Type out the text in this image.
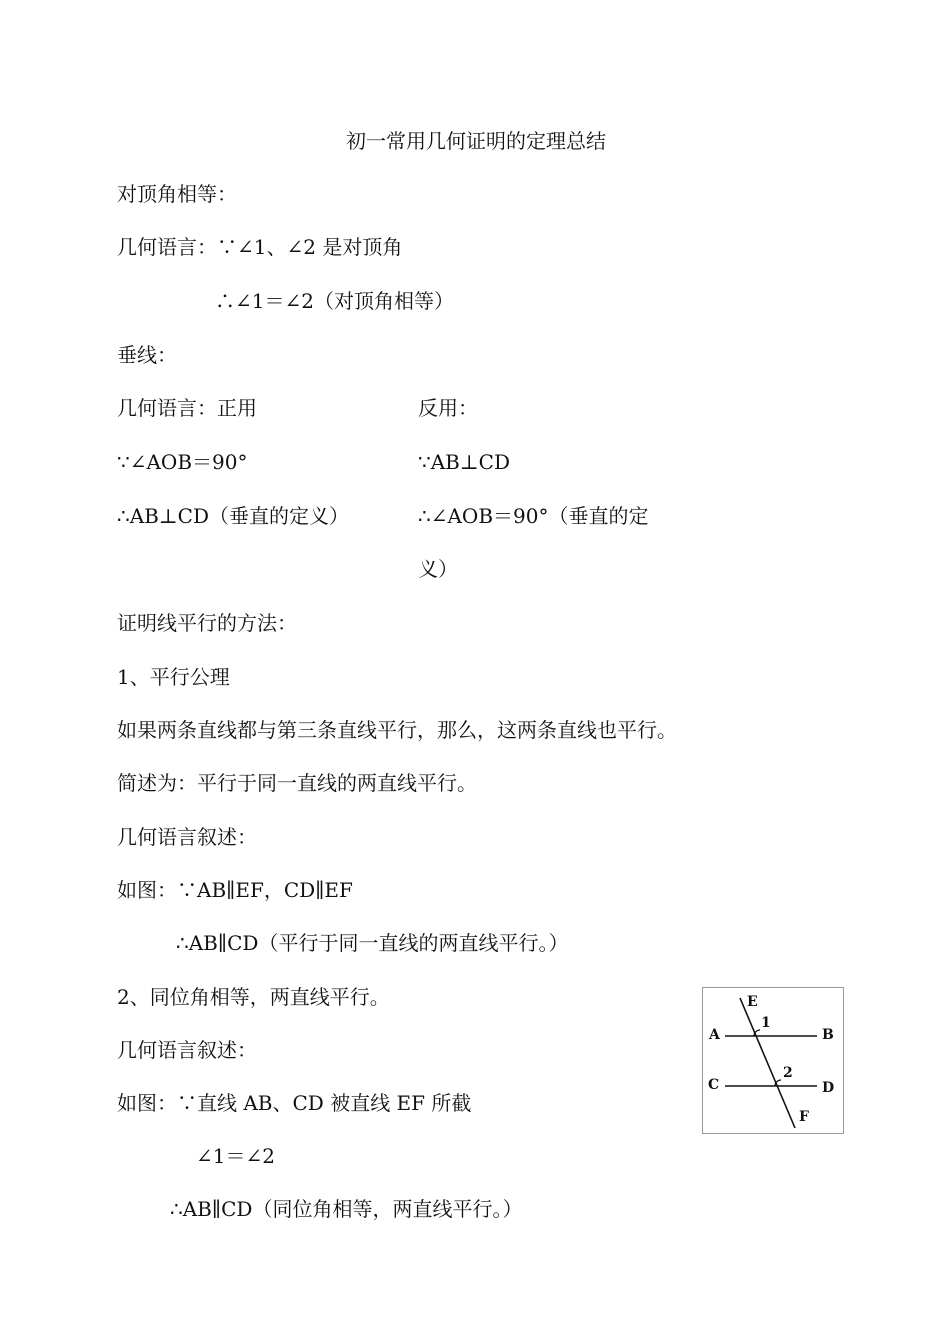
初一常用几何证明的定理总结
对顶角相等：
几何语言：∵∠1、∠2 是对顶角
∴∠1＝∠2（对顶角相等）
垂线：
几何语言：正用	反用：
∵∠AOB＝90°	∵AB⊥CD
∴AB⊥CD（垂直的定义）	∴∠AOB＝90°（垂直的定
义）
证明线平行的方法：
1、平行公理
如果两条直线都与第三条直线平行，那么，这两条直线也平行。
简述为：平行于同一直线的两直线平行。
几何语言叙述：
如图：∵AB∥EF，CD∥EF
∴AB∥CD（平行于同一直线的两直线平行。）
2、同位角相等，两直线平行。
几何语言叙述：
如图：∵直线 AB、CD 被直线 EF 所截
∠1＝∠2
∴AB∥CD（同位角相等，两直线平行。）
E
A	B
C	D
F
1
2
